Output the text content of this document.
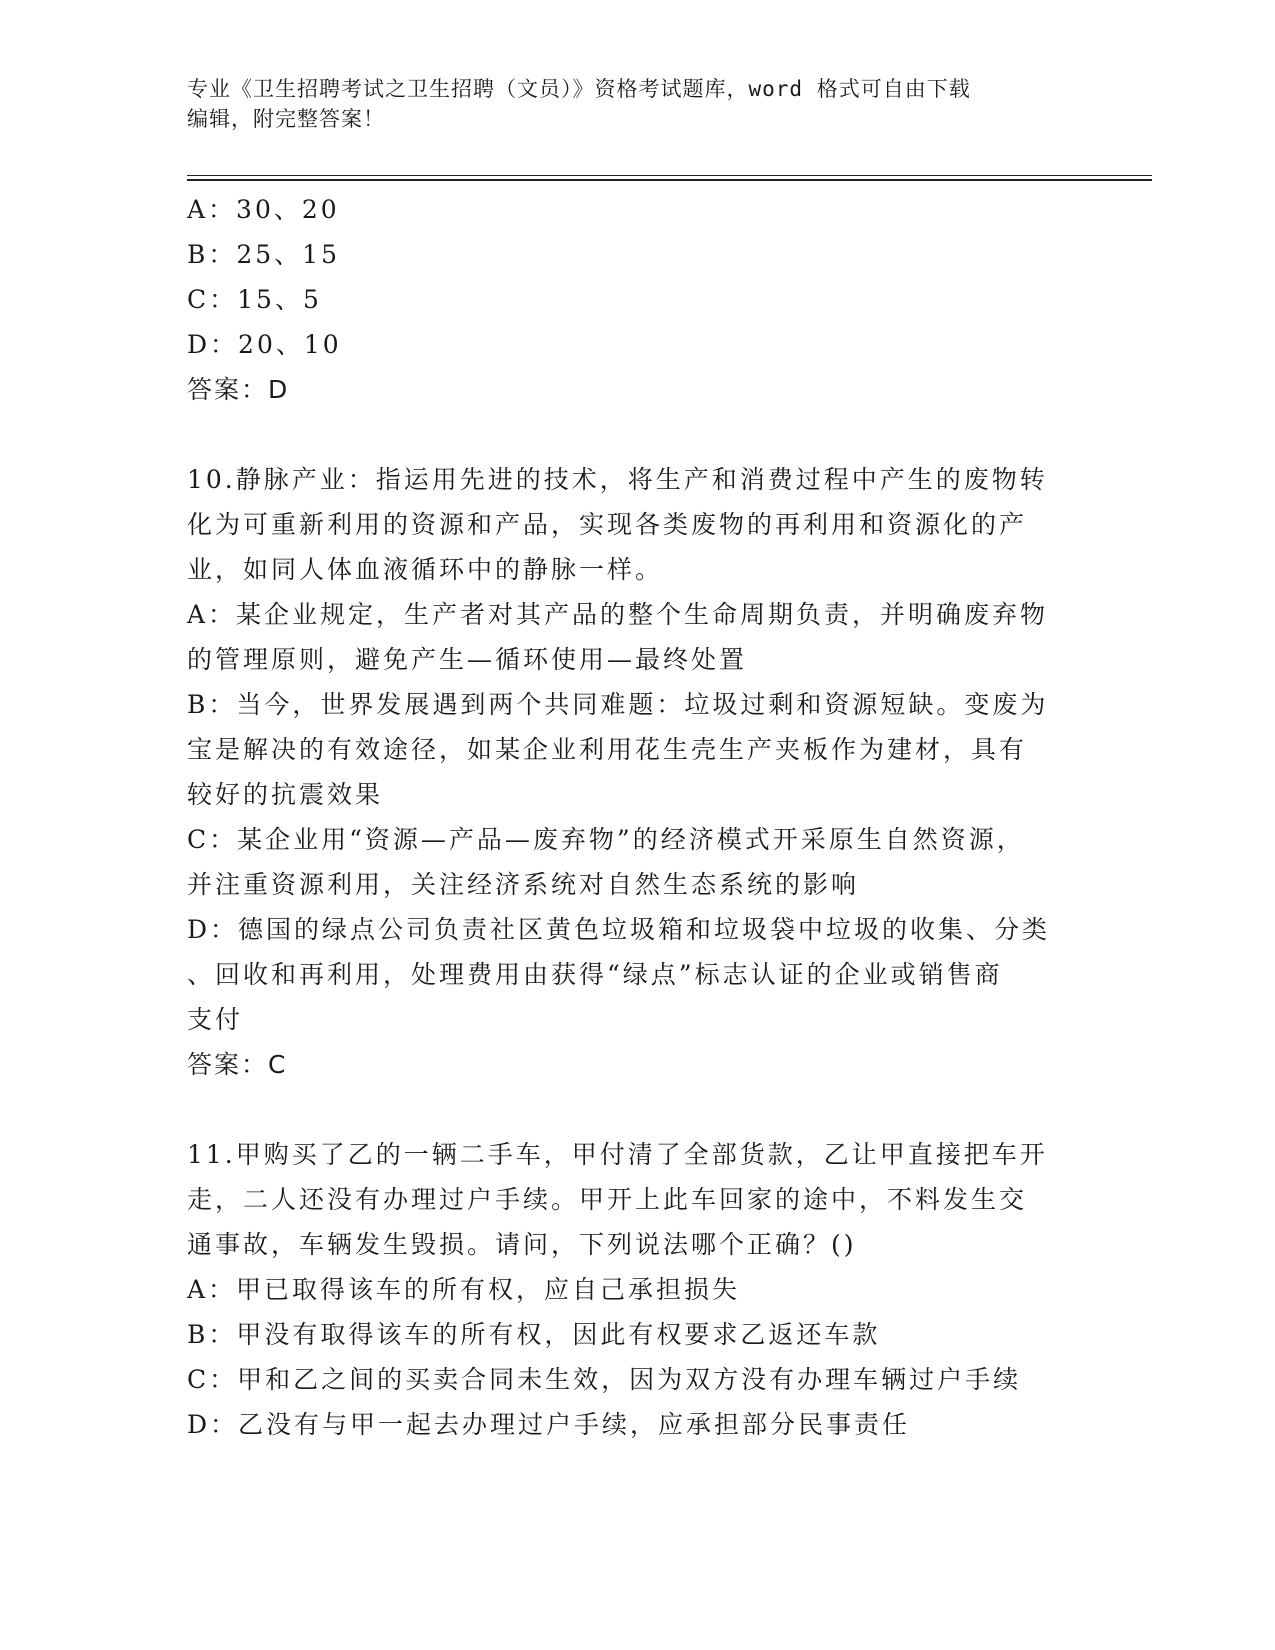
专业《卫生招聘考试之卫生招聘（文员）》资格考试题库，word 格式可自由下载
编辑，附完整答案！
A：30、20
B：25、15
C：15、5
D：20、10
答案：D
10.静脉产业：指运用先进的技术，将生产和消费过程中产生的废物转
化为可重新利用的资源和产品，实现各类废物的再利用和资源化的产
业，如同人体血液循环中的静脉一样。
A：某企业规定，生产者对其产品的整个生命周期负责，并明确废弃物
的管理原则，避免产生—循环使用—最终处置
B：当今，世界发展遇到两个共同难题：垃圾过剩和资源短缺。变废为
宝是解决的有效途径，如某企业利用花生壳生产夹板作为建材，具有
较好的抗震效果
C：某企业用“资源—产品—废弃物”的经济模式开采原生自然资源，
并注重资源利用，关注经济系统对自然生态系统的影响
D：德国的绿点公司负责社区黄色垃圾箱和垃圾袋中垃圾的收集、分类
、回收和再利用，处理费用由获得“绿点”标志认证的企业或销售商
支付
答案：C
11.甲购买了乙的一辆二手车，甲付清了全部货款，乙让甲直接把车开
走，二人还没有办理过户手续。甲开上此车回家的途中，不料发生交
通事故，车辆发生毁损。请问，下列说法哪个正确？()
A：甲已取得该车的所有权，应自己承担损失
B：甲没有取得该车的所有权，因此有权要求乙返还车款
C：甲和乙之间的买卖合同未生效，因为双方没有办理车辆过户手续
D：乙没有与甲一起去办理过户手续，应承担部分民事责任
